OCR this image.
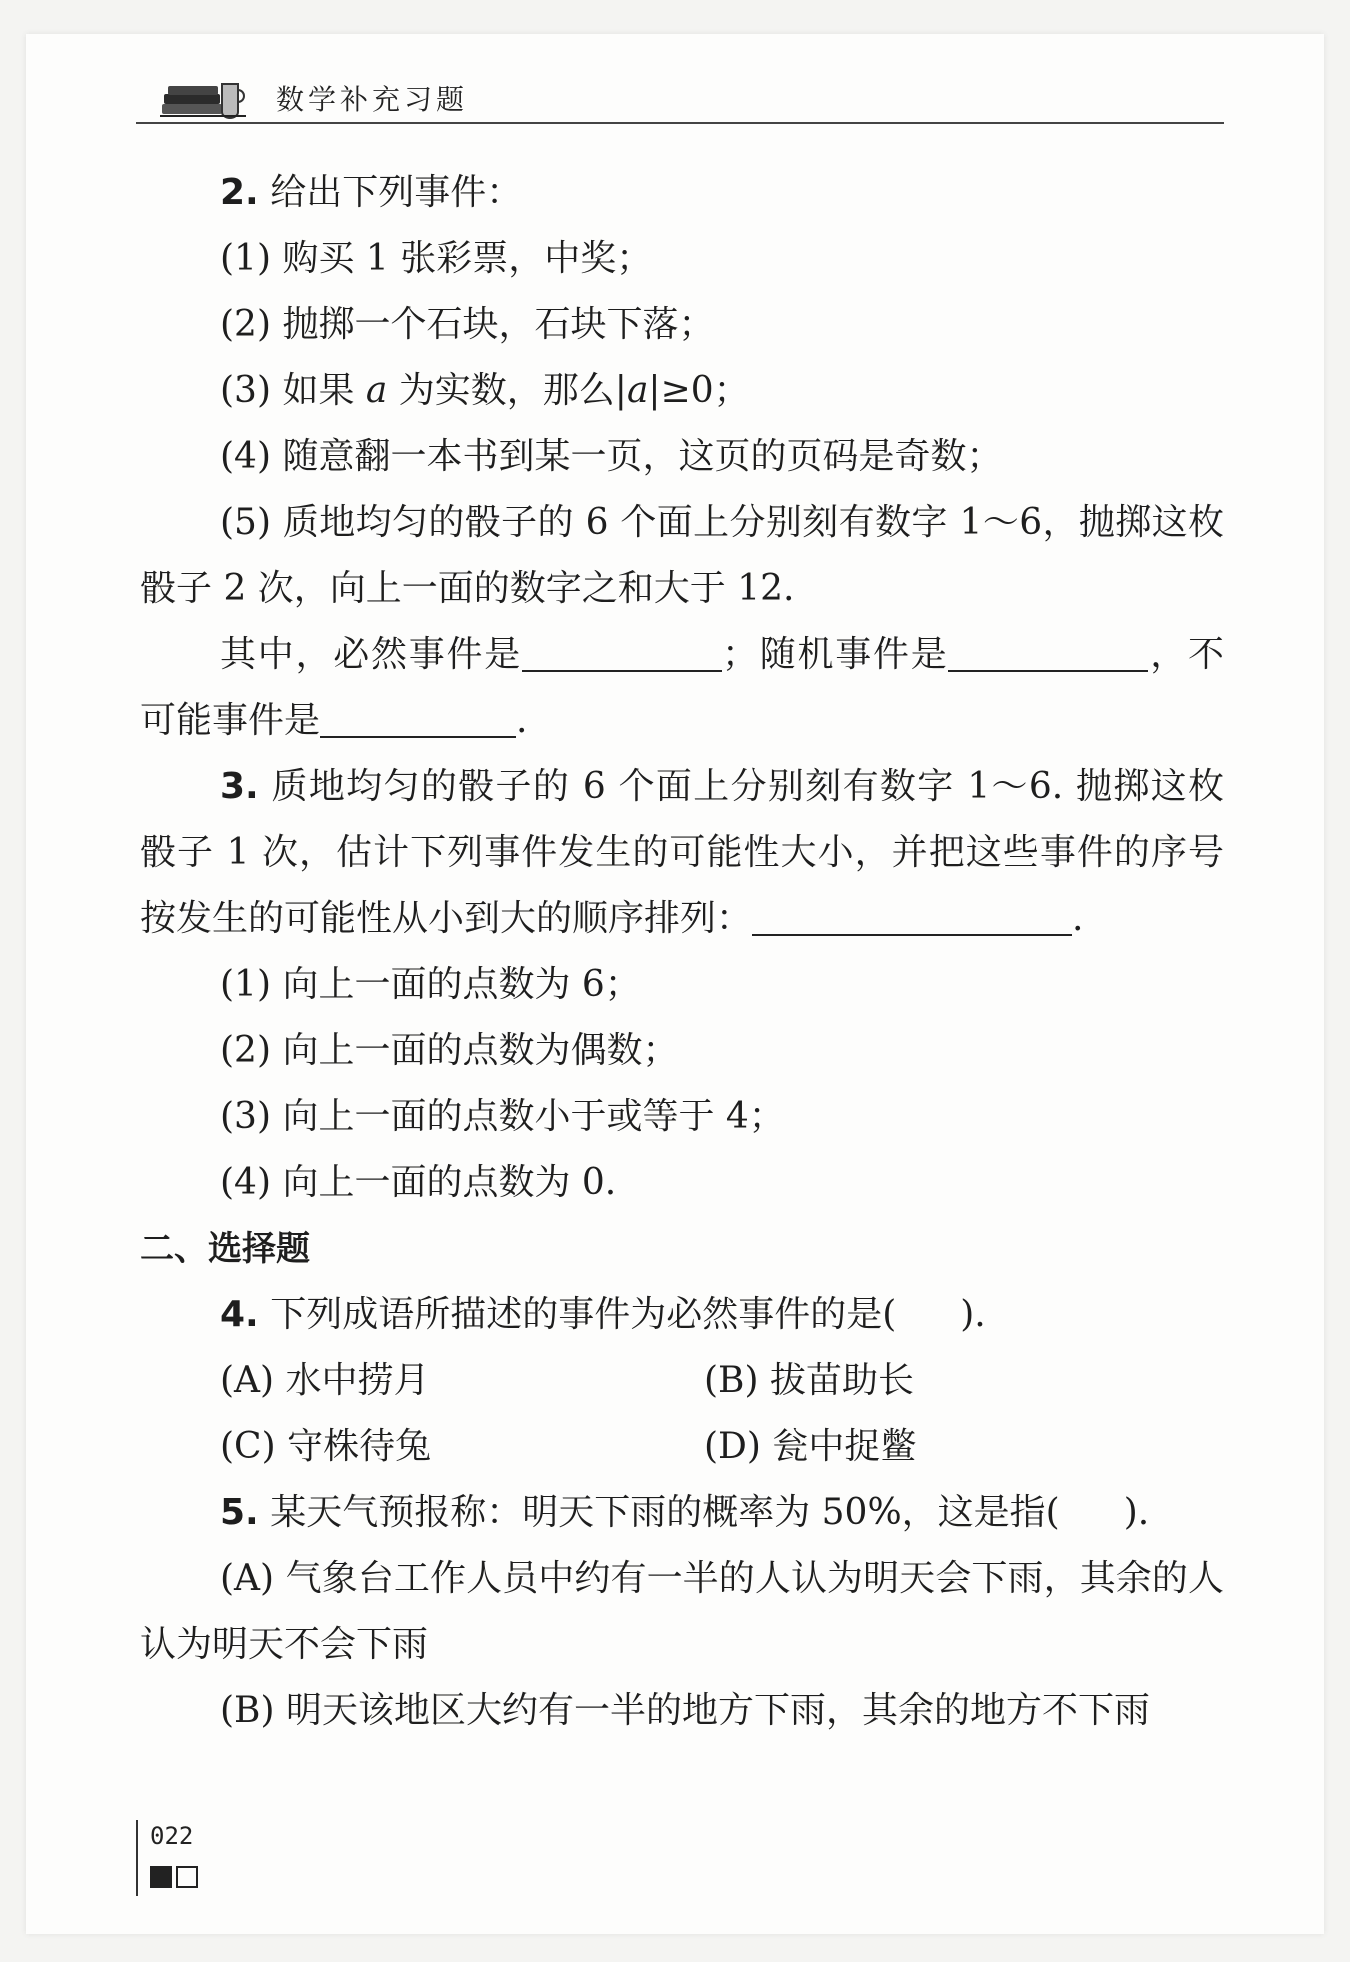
数学补充习题

2. 给出下列事件：

(1) 购买 1 张彩票，中奖；

(2) 抛掷一个石块，石块下落；

(3) 如果 a 为实数，那么|a|≥0；

(4) 随意翻一本书到某一页，这页的页码是奇数；

(5) 质地均匀的骰子的 6 个面上分别刻有数字 1～6，抛掷这枚骰子 2 次，向上一面的数字之和大于 12.

其中，必然事件是	；随机事件是	，不可能事件是	.

3. 质地均匀的骰子的 6 个面上分别刻有数字 1～6. 抛掷这枚骰子 1 次，估计下列事件发生的可能性大小，并把这些事件的序号按发生的可能性从小到大的顺序排列：	.

(1) 向上一面的点数为 6；

(2) 向上一面的点数为偶数；

(3) 向上一面的点数小于或等于 4；

(4) 向上一面的点数为 0.

二、选择题

4. 下列成语所描述的事件为必然事件的是( ).

(A) 水中捞月	(B) 拔苗助长
(C) 守株待兔	(D) 瓮中捉鳖

5. 某天气预报称：明天下雨的概率为 50%，这是指( ).

(A) 气象台工作人员中约有一半的人认为明天会下雨，其余的人认为明天不会下雨

(B) 明天该地区大约有一半的地方下雨，其余的地方不下雨

022
